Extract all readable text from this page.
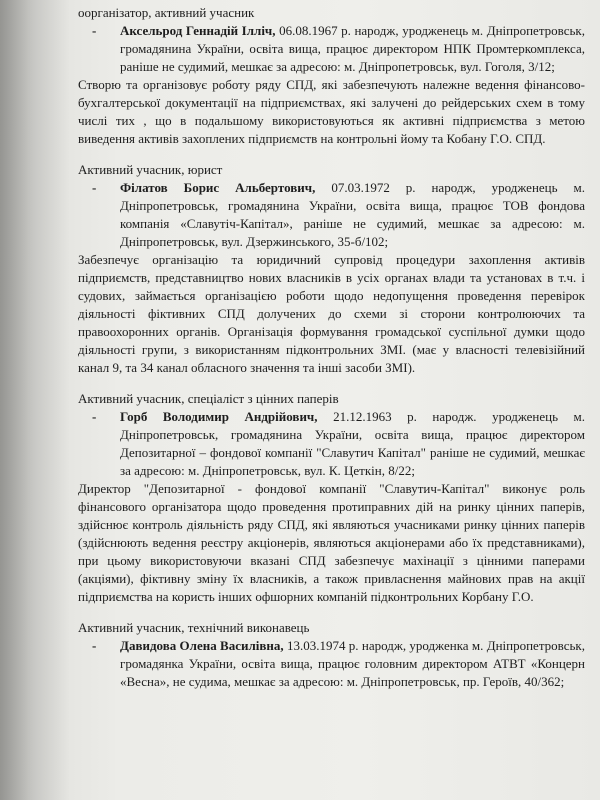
оорганізатор, активний учасник

-	Аксельрод Геннадій Ілліч, 06.08.1967 р. народж, уродженець м. Дніпропетровськ, громадянина України, освіта вища, працює директором НПК Промтеркомплекса, раніше не судимий, мешкає за адресою: м. Дніпропетровськ, вул. Гоголя, 3/12;

Створю та організовує роботу ряду СПД, які забезпечують належне ведення фінансово-бухгалтерської документації на підприємствах, які залучені до рейдерських схем в тому числі тих , що в подальшому використовуються як активні підприємства з метою виведення активів захоплених підприємств на контрольні йому та Кобану Г.О. СПД.

Активний учасник, юрист

-	Філатов Борис Альбертович, 07.03.1972 р. народж, уродженець м. Дніпропетровськ, громадянина України, освіта вища, працює ТОВ фондова компанія «Славутіч-Капітал», раніше не судимий, мешкає за адресою: м. Дніпропетровськ, вул. Дзержинського, 35-б/102;

Забезпечує організацію та юридичний супровід процедури захоплення активів підприємств, представництво нових власників в усіх органах влади та установах в т.ч. і судових, займається організацією роботи щодо недопущення проведення перевірок діяльності фіктивних СПД долучених до схеми зі сторони контролюючих та правоохоронних органів. Організація формування громадської суспільної думки щодо діяльності групи, з використанням підконтрольних ЗМІ. (має у власності телевізійний канал 9, та 34 канал обласного значення та інші засоби ЗМІ).

Активний учасник, спеціаліст з цінних паперів

-	Горб Володимир Андрійович, 21.12.1963 р. народж. уродженець м. Дніпропетровськ, громадянина України, освіта вища, працює директором Депозитарної – фондової компанії "Славутич Капітал" раніше не судимий, мешкає за адресою: м. Дніпропетровськ, вул. К. Цеткін, 8/22;

Директор "Депозитарної - фондової компанії "Славутич-Капітал" виконує роль фінансового організатора щодо проведення протиправних дій на ринку цінних паперів, здійснює контроль діяльність ряду СПД, які являються учасниками ринку цінних паперів (здійснюють ведення реєстру акціонерів, являються акціонерами або їх представниками), при цьому використовуючи вказані СПД забезпечує махінації з цінними паперами (акціями), фіктивну зміну їх власників, а також привласнення майнових прав на акції підприємства на користь інших офшорних компаній підконтрольних Корбану Г.О.

Активний учасник, технічний виконавець

-	Давидова Олена Василівна, 13.03.1974 р. народж, уродженка м. Дніпропетровськ, громадянка України, освіта вища, працює головним директором АТВТ «Концерн «Весна», не судима, мешкає за адресою: м. Дніпропетровськ, пр. Героїв, 40/362;
